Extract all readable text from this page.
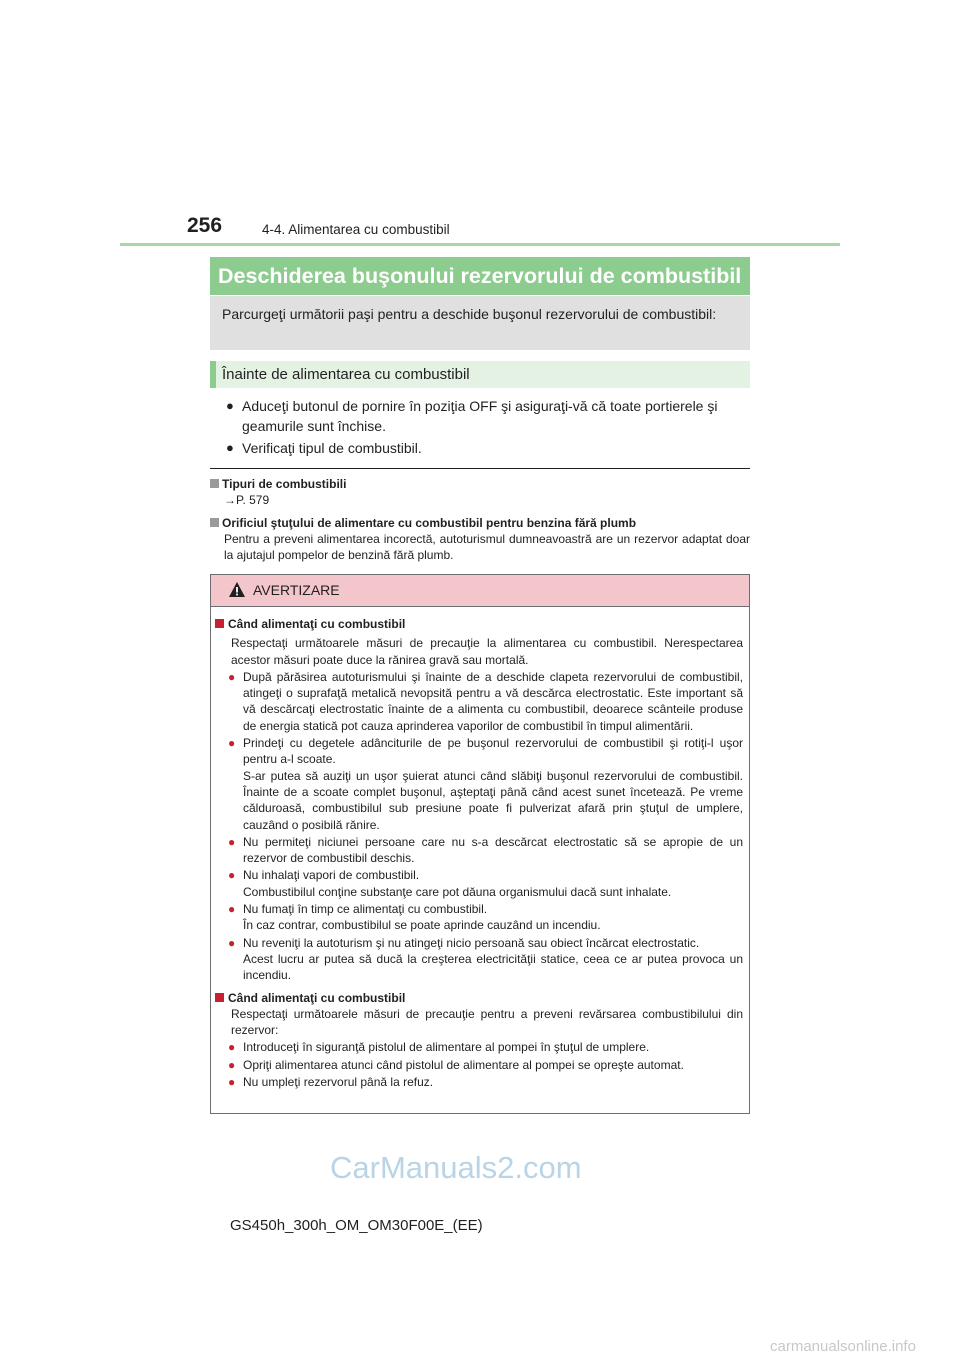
256	4-4. Alimentarea cu combustibil
Deschiderea buşonului rezervorului de combustibil
Parcurgeţi următorii paşi pentru a deschide buşonul rezervorului de combustibil:
Înainte de alimentarea cu combustibil
● Aduceţi butonul de pornire în poziţia OFF şi asiguraţi-vă că toate portierele şi geamurile sunt închise.
● Verificaţi tipul de combustibil.
Tipuri de combustibili
→P. 579
Orificiul ştuţului de alimentare cu combustibil pentru benzina fără plumb
Pentru a preveni alimentarea incorectă, autoturismul dumneavoastră are un rezervor adaptat doar la ajutajul pompelor de benzină fără plumb.
AVERTIZARE
Când alimentaţi cu combustibil
Respectaţi următoarele măsuri de precauţie la alimentarea cu combustibil. Nerespectarea acestor măsuri poate duce la rănirea gravă sau mortală.
● După părăsirea autoturismului şi înainte de a deschide clapeta rezervorului de combustibil, atingeţi o suprafaţă metalică nevopsită pentru a vă descărca electrostatic. Este important să vă descărcaţi electrostatic înainte de a alimenta cu combustibil, deoarece scânteile produse de energia statică pot cauza aprinderea vaporilor de combustibil în timpul alimentării.
● Prindeţi cu degetele adânciturile de pe buşonul rezervorului de combustibil şi rotiţi-l uşor pentru a-l scoate.
S-ar putea să auziţi un uşor şuierat atunci când slăbiţi buşonul rezervorului de combustibil. Înainte de a scoate complet buşonul, aşteptaţi până când acest sunet încetează. Pe vreme călduroasă, combustibilul sub presiune poate fi pulverizat afară prin ştuţul de umplere, cauzând o posibilă rănire.
● Nu permiteţi niciunei persoane care nu s-a descărcat electrostatic să se apropie de un rezervor de combustibil deschis.
● Nu inhalaţi vapori de combustibil.
Combustibilul conţine substanţe care pot dăuna organismului dacă sunt inhalate.
● Nu fumaţi în timp ce alimentaţi cu combustibil.
În caz contrar, combustibilul se poate aprinde cauzând un incendiu.
● Nu reveniţi la autoturism şi nu atingeţi nicio persoană sau obiect încărcat electrostatic.
Acest lucru ar putea să ducă la creşterea electricităţii statice, ceea ce ar putea provoca un incendiu.
Când alimentaţi cu combustibil
Respectaţi următoarele măsuri de precauţie pentru a preveni revărsarea combustibilului din rezervor:
● Introduceţi în siguranţă pistolul de alimentare al pompei în ştuţul de umplere.
● Opriţi alimentarea atunci când pistolul de alimentare al pompei se opreşte automat.
● Nu umpleţi rezervorul până la refuz.
CarManuals2.com
GS450h_300h_OM_OM30F00E_(EE)
carmanualsonline.info
